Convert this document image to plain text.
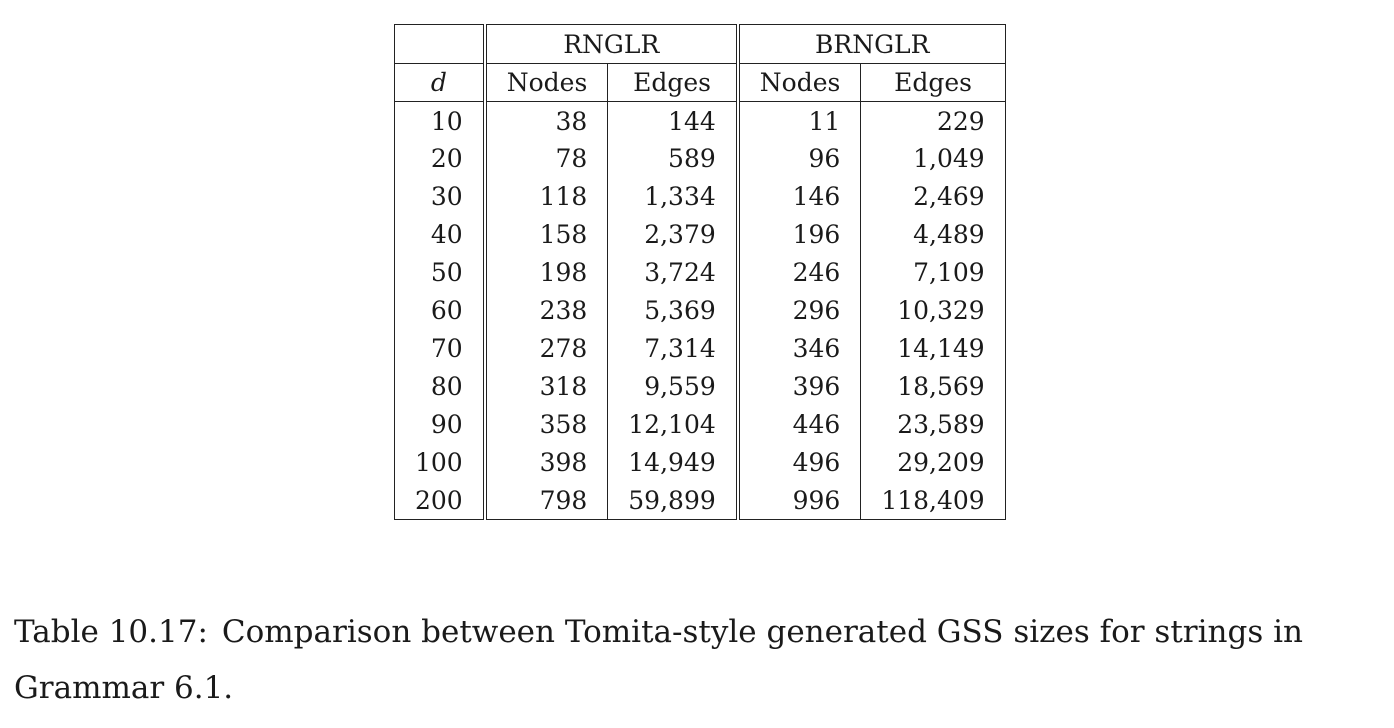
	RNGLR		BRNGLR	
d	Nodes	Edges	Nodes	Edges
10	38	144	11	229
20	78	589	96	1,049
30	118	1,334	146	2,469
40	158	2,379	196	4,489
50	198	3,724	246	7,109
60	238	5,369	296	10,329
70	278	7,314	346	14,149
80	318	9,559	396	18,569
90	358	12,104	446	23,589
100	398	14,949	496	29,209
200	798	59,899	996	118,409
Table 10.17: Comparison between Tomita-style generated GSS sizes for strings in
Grammar 6.1.
